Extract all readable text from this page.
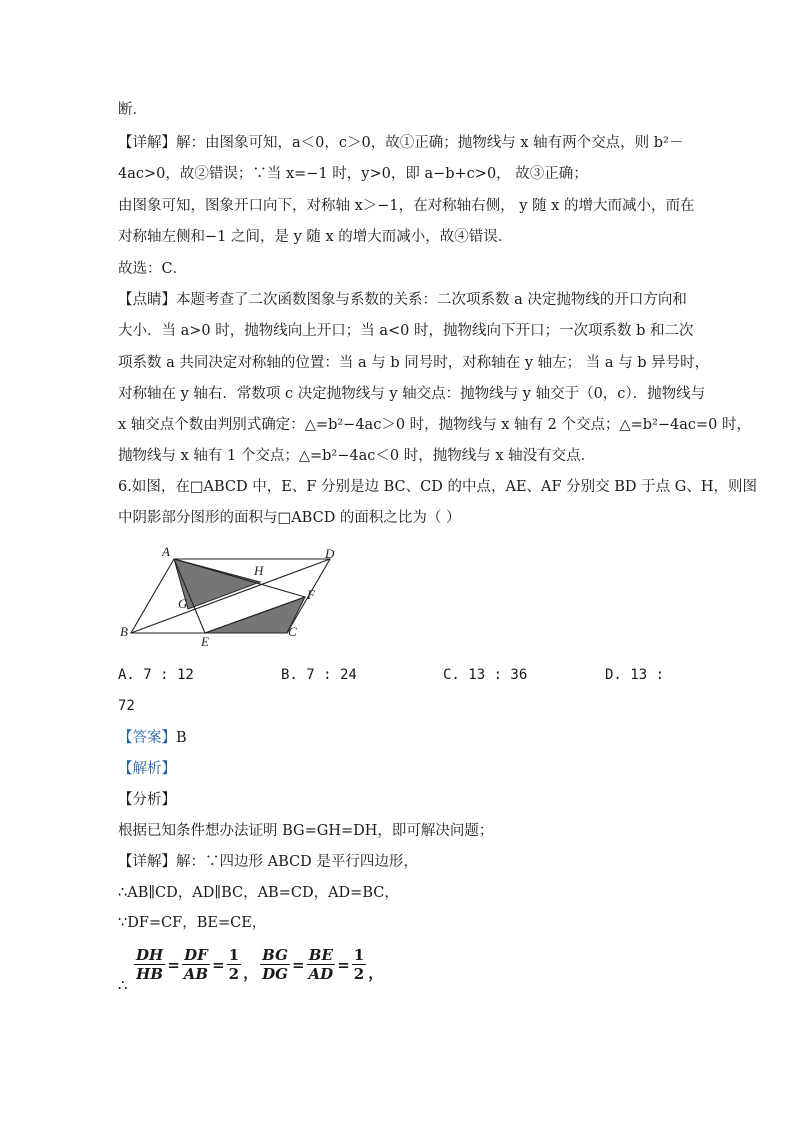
断．
【详解】解：由图象可知，a＜0，c＞0，故①正确；抛物线与 x 轴有两个交点，则 b²－
4ac>0，故②错误；∵当 x=−1 时，y>0，即 a−b+c>0， 故③正确；
由图象可知，图象开口向下，对称轴 x＞−1，在对称轴右侧， y 随 x 的增大而减小，而在
对称轴左侧和−1 之间，是 y 随 x 的增大而减小，故④错误．
故选：C．
【点睛】本题考查了二次函数图象与系数的关系：二次项系数 a 决定抛物线的开口方向和
大小．当 a>0 时，抛物线向上开口；当 a<0 时，抛物线向下开口；一次项系数 b 和二次
项系数 a 共同决定对称轴的位置：当 a 与 b 同号时，对称轴在 y 轴左； 当 a 与 b 异号时，
对称轴在 y 轴右．常数项 c 决定抛物线与 y 轴交点：抛物线与 y 轴交于（0，c）．抛物线与
x 轴交点个数由判别式确定：△=b²−4ac＞0 时，抛物线与 x 轴有 2 个交点；△=b²−4ac=0 时，
抛物线与 x 轴有 1 个交点；△=b²−4ac＜0 时，抛物线与 x 轴没有交点．
6.如图，在□ABCD 中，E、F 分别是边 BC、CD 的中点，AE、AF 分别交 BD 于点 G、H，则图
中阴影部分图形的面积与□ABCD 的面积之比为（ ）
A	D
H
F
G
B
E
C
A. 7 : 12	B. 7 : 24	C. 13 : 36	D. 13 :
72
【答案】B
【解析】
【分析】
根据已知条件想办法证明 BG=GH=DH，即可解决问题；
【详解】解：∵四边形 ABCD 是平行四边形，
∴AB∥CD，AD∥BC，AB=CD，AD=BC，
∵DF=CF，BE=CE，
$\frac{DH}{HB} = \frac{DF}{AB} = \frac{1}{2}$ ， $\frac{BG}{DG} = \frac{BE}{AD} = \frac{1}{2}$ ，
∴
